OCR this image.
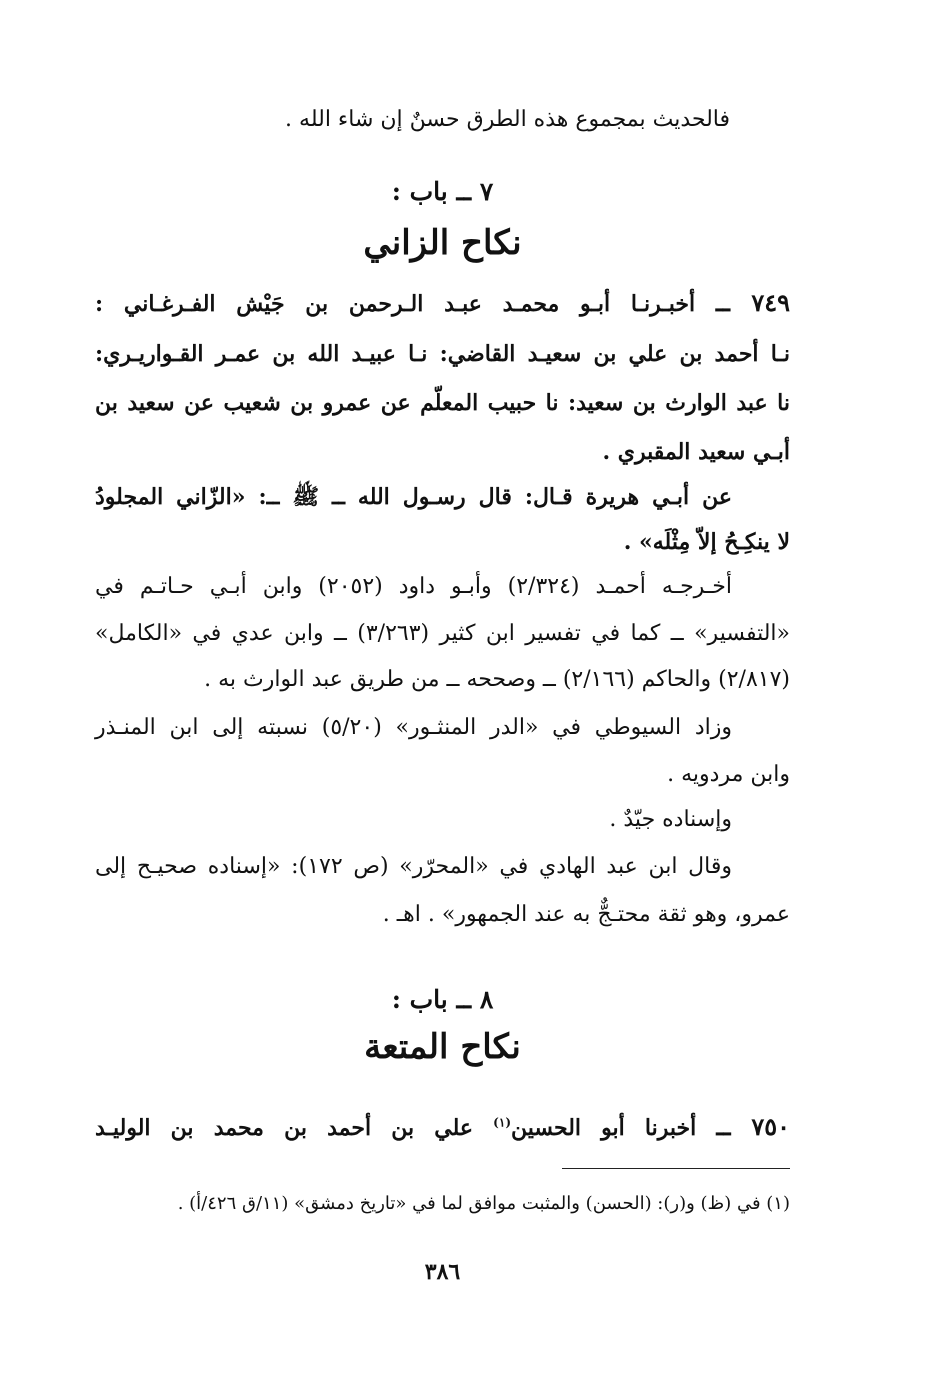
فالحديث بمجموع هذه الطرق حسنٌ إن شاء الله .
٧ ــ باب :
نكاح الزاني
٧٤٩ ــ أخبـرنـا أبـو محمـد عبـد الـرحمن بن جَيْش الفـرغـاني :
نـا أحمد بن علي بن سعيـد القاضي: نـا عبيـد الله بن عمـر القـواريـري:
نا عبد الوارث بن سعيد: نا حبيب المعلّم عن عمرو بن شعيب عن سعيد بن
أبـي سعيد المقبري .
عن أبـي هريرة قـال: قال رسـول الله ــ ﷺ ــ: «الزّاني المجلودُ
لا ينكِـحُ إلاّ مِثْلَه» .
أخـرجـه أحمـد (٢/٣٢٤) وأبـو داود (٢٠٥٢) وابن أبـي حـاتـم في
«التفسير» ــ كما في تفسير ابن كثير (٣/٢٦٣) ــ وابن عدي في «الكامل»
(٢/٨١٧) والحاكم (٢/١٦٦) ــ وصححه ــ من طريق عبد الوارث به .
وزاد السيوطي في «الدر المنثـور» (٥/٢٠) نسبته إلى ابن المنـذر
وابن مردويه .
وإسناده جيّدٌ .
وقال ابن عبد الهادي في «المحرّر» (ص ١٧٢): «إسناده صحيـح إلى
عمرو، وهو ثقة محتـجٌّ به عند الجمهور» . اهـ .
٨ ــ باب :
نكاح المتعة
٧٥٠ ــ أخبرنا أبو الحسين$^{(١)}$ علي بن أحمد بن محمد بن الوليـد
(١) في (ظ) و(ر): (الحسن) والمثبت موافق لما في «تاريخ دمشق» (١١/ق ٤٢٦/أ) .
٣٨٦
